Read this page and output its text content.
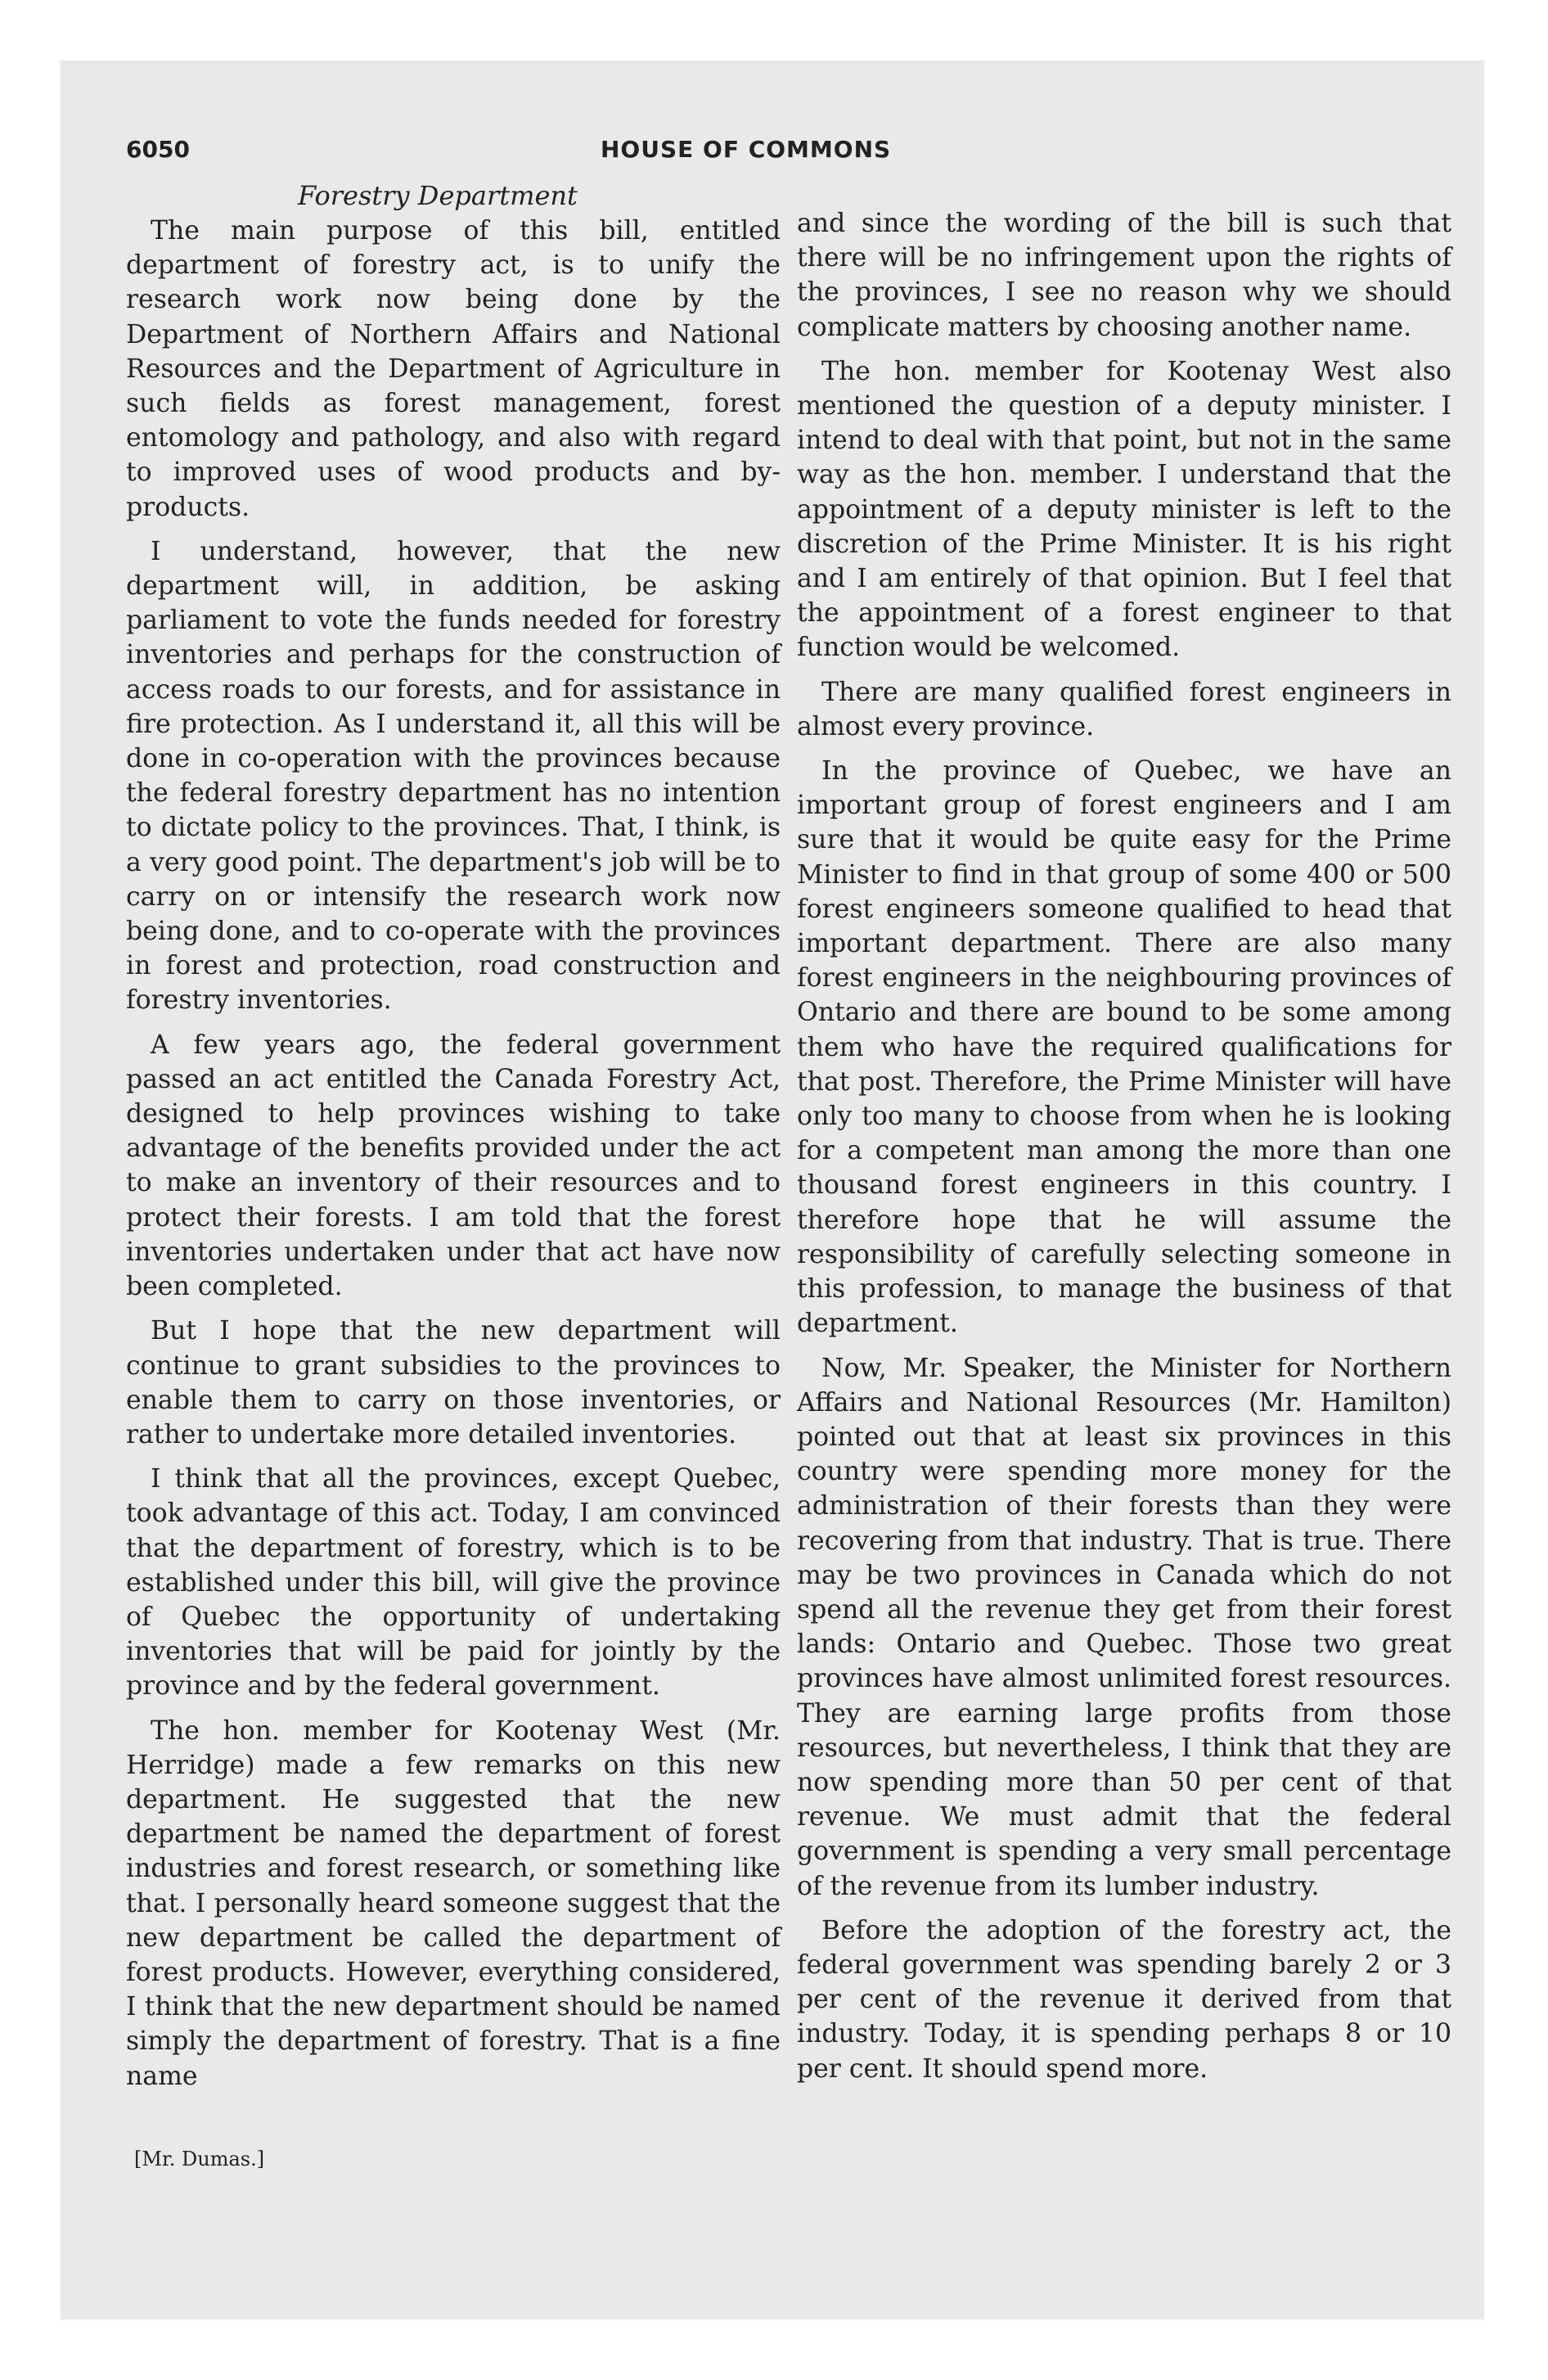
6050	HOUSE OF COMMONS
Forestry Department

The main purpose of this bill, entitled department of forestry act, is to unify the research work now being done by the Department of Northern Affairs and National Resources and the Department of Agriculture in such fields as forest management, forest entomology and pathology, and also with regard to improved uses of wood products and by-products.

I understand, however, that the new department will, in addition, be asking parliament to vote the funds needed for forestry inventories and perhaps for the construction of access roads to our forests, and for assistance in fire protection. As I understand it, all this will be done in co-operation with the provinces because the federal forestry department has no intention to dictate policy to the provinces. That, I think, is a very good point. The department's job will be to carry on or intensify the research work now being done, and to co-operate with the provinces in forest and protection, road construction and forestry inventories.

A few years ago, the federal government passed an act entitled the Canada Forestry Act, designed to help provinces wishing to take advantage of the benefits provided under the act to make an inventory of their resources and to protect their forests. I am told that the forest inventories undertaken under that act have now been completed.

But I hope that the new department will continue to grant subsidies to the provinces to enable them to carry on those inventories, or rather to undertake more detailed inventories.

I think that all the provinces, except Quebec, took advantage of this act. Today, I am convinced that the department of forestry, which is to be established under this bill, will give the province of Quebec the opportunity of undertaking inventories that will be paid for jointly by the province and by the federal government.

The hon. member for Kootenay West (Mr. Herridge) made a few remarks on this new department. He suggested that the new department be named the department of forest industries and forest research, or something like that. I personally heard someone suggest that the new department be called the department of forest products. However, everything considered, I think that the new department should be named simply the department of forestry. That is a fine name

and since the wording of the bill is such that there will be no infringement upon the rights of the provinces, I see no reason why we should complicate matters by choosing another name.

The hon. member for Kootenay West also mentioned the question of a deputy minister. I intend to deal with that point, but not in the same way as the hon. member. I understand that the appointment of a deputy minister is left to the discretion of the Prime Minister. It is his right and I am entirely of that opinion. But I feel that the appointment of a forest engineer to that function would be welcomed.

There are many qualified forest engineers in almost every province.

In the province of Quebec, we have an important group of forest engineers and I am sure that it would be quite easy for the Prime Minister to find in that group of some 400 or 500 forest engineers someone qualified to head that important department. There are also many forest engineers in the neighbouring provinces of Ontario and there are bound to be some among them who have the required qualifications for that post. Therefore, the Prime Minister will have only too many to choose from when he is looking for a competent man among the more than one thousand forest engineers in this country. I therefore hope that he will assume the responsibility of carefully selecting someone in this profession, to manage the business of that department.

Now, Mr. Speaker, the Minister for Northern Affairs and National Resources (Mr. Hamilton) pointed out that at least six provinces in this country were spending more money for the administration of their forests than they were recovering from that industry. That is true. There may be two provinces in Canada which do not spend all the revenue they get from their forest lands: Ontario and Quebec. Those two great provinces have almost unlimited forest resources. They are earning large profits from those resources, but nevertheless, I think that they are now spending more than 50 per cent of that revenue. We must admit that the federal government is spending a very small percentage of the revenue from its lumber industry.

Before the adoption of the forestry act, the federal government was spending barely 2 or 3 per cent of the revenue it derived from that industry. Today, it is spending perhaps 8 or 10 per cent. It should spend more.

[Mr. Dumas.]
